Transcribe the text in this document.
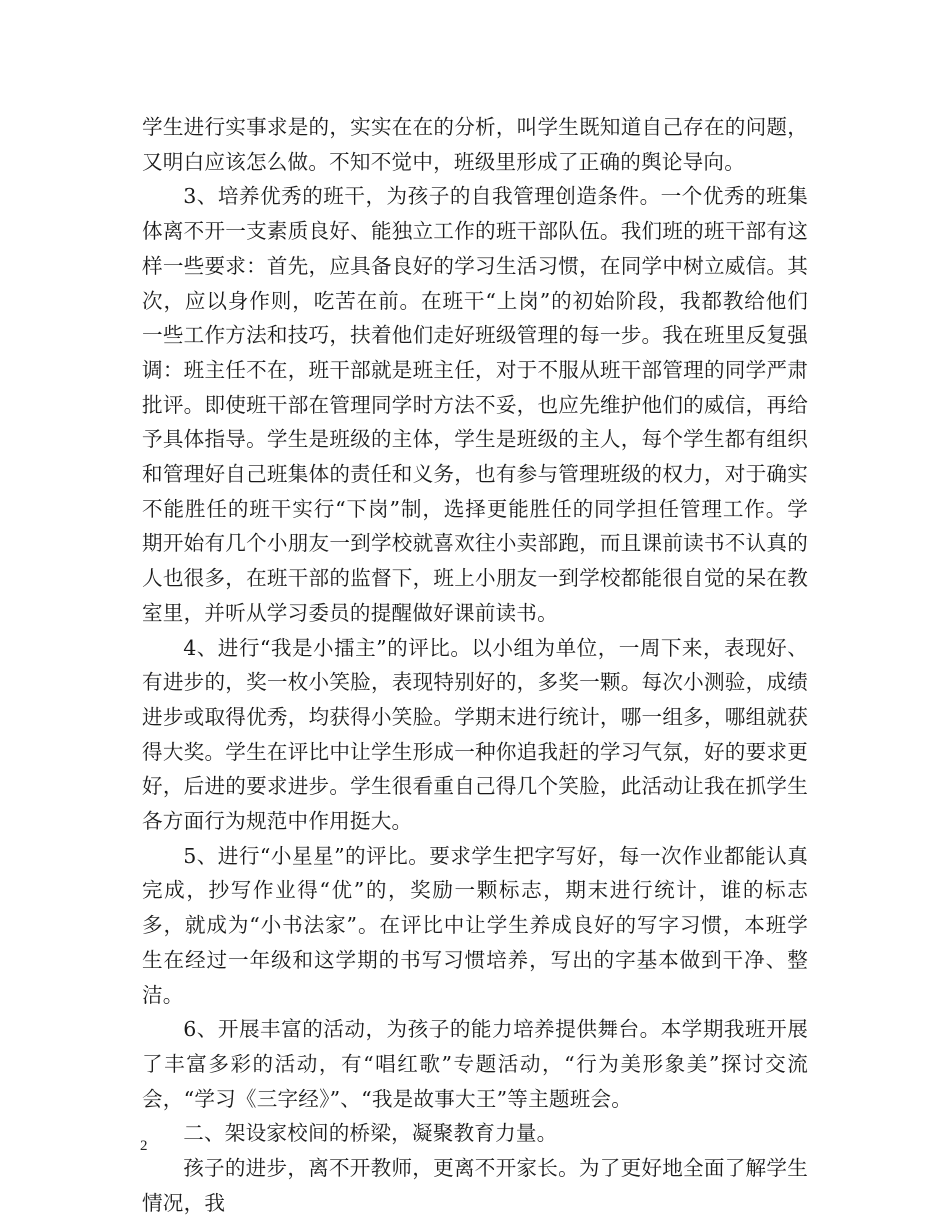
学生进行实事求是的，实实在在的分析，叫学生既知道自己存在的问题，又明白应该怎么做。不知不觉中，班级里形成了正确的舆论导向。

3、培养优秀的班干，为孩子的自我管理创造条件。一个优秀的班集体离不开一支素质良好、能独立工作的班干部队伍。我们班的班干部有这样一些要求：首先，应具备良好的学习生活习惯，在同学中树立威信。其次，应以身作则，吃苦在前。在班干“上岗”的初始阶段，我都教给他们一些工作方法和技巧，扶着他们走好班级管理的每一步。我在班里反复强调：班主任不在，班干部就是班主任，对于不服从班干部管理的同学严肃批评。即使班干部在管理同学时方法不妥，也应先维护他们的威信，再给予具体指导。学生是班级的主体，学生是班级的主人，每个学生都有组织和管理好自己班集体的责任和义务，也有参与管理班级的权力，对于确实不能胜任的班干实行“下岗”制，选择更能胜任的同学担任管理工作。学期开始有几个小朋友一到学校就喜欢往小卖部跑，而且课前读书不认真的人也很多，在班干部的监督下，班上小朋友一到学校都能很自觉的呆在教室里，并听从学习委员的提醒做好课前读书。

4、进行“我是小擂主”的评比。以小组为单位，一周下来，表现好、有进步的，奖一枚小笑脸，表现特别好的，多奖一颗。每次小测验，成绩进步或取得优秀，均获得小笑脸。学期末进行统计，哪一组多，哪组就获得大奖。学生在评比中让学生形成一种你追我赶的学习气氛，好的要求更好，后进的要求进步。学生很看重自己得几个笑脸，此活动让我在抓学生各方面行为规范中作用挺大。

5、进行“小星星”的评比。要求学生把字写好，每一次作业都能认真完成，抄写作业得“优”的，奖励一颗标志，期末进行统计，谁的标志多，就成为“小书法家”。在评比中让学生养成良好的写字习惯，本班学生在经过一年级和这学期的书写习惯培养，写出的字基本做到干净、整洁。

6、开展丰富的活动，为孩子的能力培养提供舞台。本学期我班开展了丰富多彩的活动，有“唱红歌”专题活动，“行为美形象美”探讨交流会，“学习《三字经》”、“我是故事大王”等主题班会。

二、架设家校间的桥梁，凝聚教育力量。

孩子的进步，离不开教师，更离不开家长。为了更好地全面了解学生情况，我

2
